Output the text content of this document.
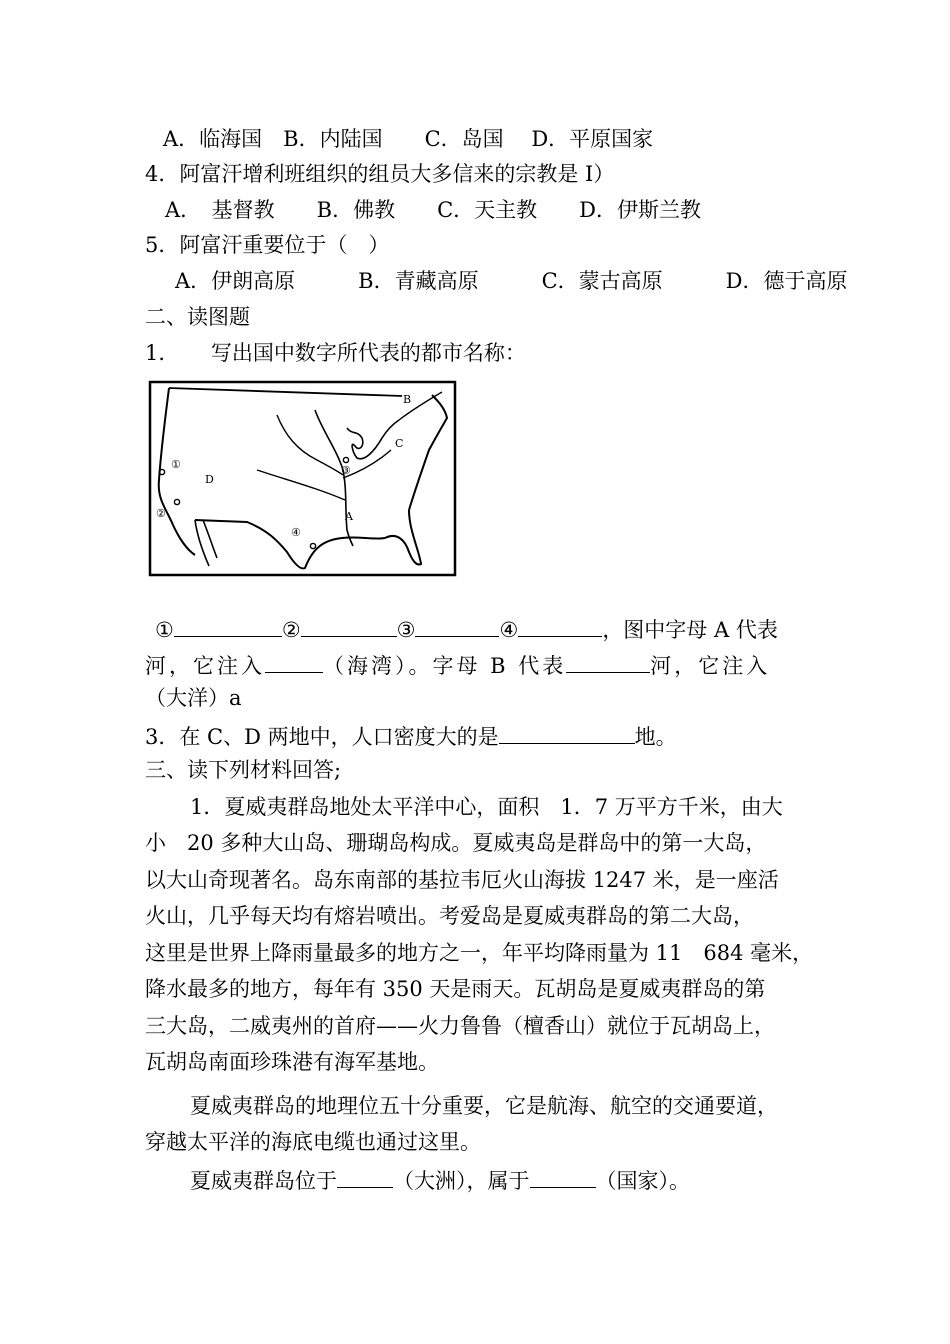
A．临海国　B．内陆国　　C．岛国　 D．平原国家
4．阿富汗增利班组织的组员大多信来的宗教是 I）
A．　基督教　　B．佛教　　C．天主教　　D．伊斯兰教
5．阿富汗重要位于（　）
A．伊朗高原　　　B．青藏高原　　　C．蒙古高原　　　D．德于高原
二、读图题
1．　　写出国中数字所代表的都市名称：
B
C
D
A
①
②
③
④
①	②	③	④	，图中字母 A 代表
河，它注入	（海湾）。字母 B 代表	河，它注入
（大洋）a
3．在 C、D 两地中，人口密度大的是	地。
三、读下列材料回答;
1．夏威夷群岛地处太平洋中心，面积　1．7 万平方千米，由大
小　20 多种大山岛、珊瑚岛构成。夏威夷岛是群岛中的第一大岛，
以大山奇现著名。岛东南部的基拉韦厄火山海拔 1247 米，是一座活
火山，几乎每天均有熔岩喷出。考爱岛是夏威夷群岛的第二大岛，
这里是世界上降雨量最多的地方之一，年平均降雨量为 11　684 毫米，
降水最多的地方，每年有 350 天是雨天。瓦胡岛是夏威夷群岛的第
三大岛，二威夷州的首府——火力鲁鲁（檀香山）就位于瓦胡岛上，
瓦胡岛南面珍珠港有海军基地。
夏威夷群岛的地理位五十分重要，它是航海、航空的交通要道，
穿越太平洋的海底电缆也通过这里。
夏威夷群岛位于	（大洲），属于	（国家）。
